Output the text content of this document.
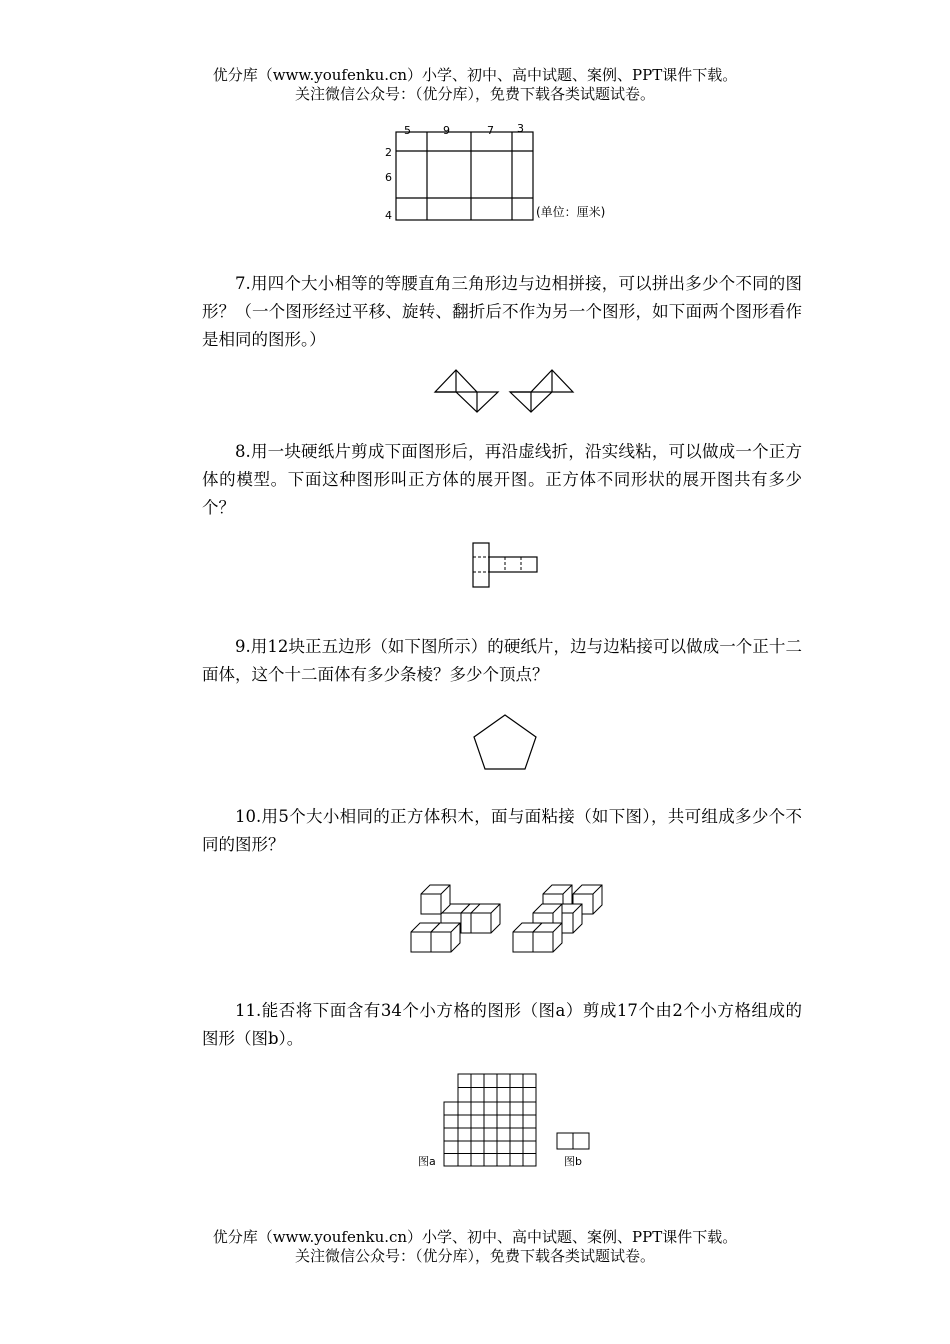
优分库（www.youfenku.cn）小学、初中、高中试题、案例、PPT课件下载。
关注微信公众号：（优分库），免费下载各类试题试卷。
5	9	7 3
2
6
4	(单位：厘米)

7.用四个大小相等的等腰直角三角形边与边相拼接，可以拼出多少个不同的图形？（一个图形经过平移、旋转、翻折后不作为另一个图形，如下面两个图形看作是相同的图形。）

8.用一块硬纸片剪成下面图形后，再沿虚线折，沿实线粘，可以做成一个正方体的模型。下面这种图形叫正方体的展开图。正方体不同形状的展开图共有多少个？

9.用12块正五边形（如下图所示）的硬纸片，边与边粘接可以做成一个正十二面体，这个十二面体有多少条棱？多少个顶点？

10.用5个大小相同的正方体积木，面与面粘接（如下图），共可组成多少个不同的图形？

11.能否将下面含有34个小方格的图形（图a）剪成17个由2个小方格组成的图形（图b）。

图a	图b
优分库（www.youfenku.cn）小学、初中、高中试题、案例、PPT课件下载。
关注微信公众号：（优分库），免费下载各类试题试卷。
